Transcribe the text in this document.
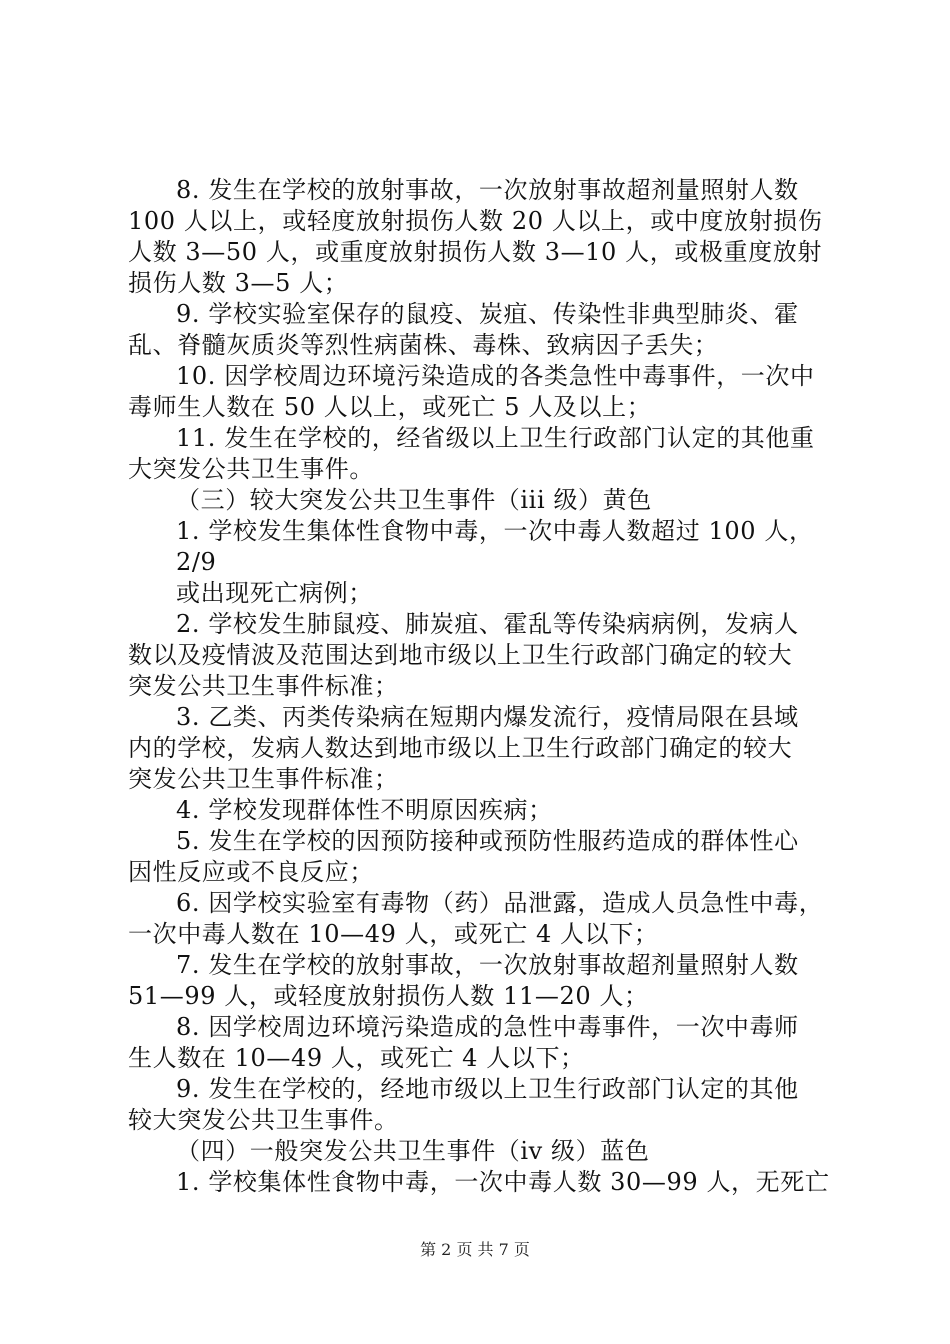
8. 发生在学校的放射事故，一次放射事故超剂量照射人数
100 人以上，或轻度放射损伤人数 20 人以上，或中度放射损伤
人数 3—50 人，或重度放射损伤人数 3—10 人，或极重度放射
损伤人数 3—5 人；
9. 学校实验室保存的鼠疫、炭疽、传染性非典型肺炎、霍
乱、脊髓灰质炎等烈性病菌株、毒株、致病因子丢失；
10. 因学校周边环境污染造成的各类急性中毒事件，一次中
毒师生人数在 50 人以上，或死亡 5 人及以上；
11. 发生在学校的，经省级以上卫生行政部门认定的其他重
大突发公共卫生事件。
（三）较大突发公共卫生事件（iii 级）黄色
1. 学校发生集体性食物中毒，一次中毒人数超过 100 人，
2/9
或出现死亡病例；
2. 学校发生肺鼠疫、肺炭疽、霍乱等传染病病例，发病人
数以及疫情波及范围达到地市级以上卫生行政部门确定的较大
突发公共卫生事件标准；
3. 乙类、丙类传染病在短期内爆发流行，疫情局限在县域
内的学校，发病人数达到地市级以上卫生行政部门确定的较大
突发公共卫生事件标准；
4. 学校发现群体性不明原因疾病；
5. 发生在学校的因预防接种或预防性服药造成的群体性心
因性反应或不良反应；
6. 因学校实验室有毒物（药）品泄露，造成人员急性中毒，
一次中毒人数在 10—49 人，或死亡 4 人以下；
7. 发生在学校的放射事故，一次放射事故超剂量照射人数
51—99 人，或轻度放射损伤人数 11—20 人；
8. 因学校周边环境污染造成的急性中毒事件，一次中毒师
生人数在 10—49 人，或死亡 4 人以下；
9. 发生在学校的，经地市级以上卫生行政部门认定的其他
较大突发公共卫生事件。
（四）一般突发公共卫生事件（iv 级）蓝色
1. 学校集体性食物中毒，一次中毒人数 30—99 人，无死亡
第 2 页 共 7 页
